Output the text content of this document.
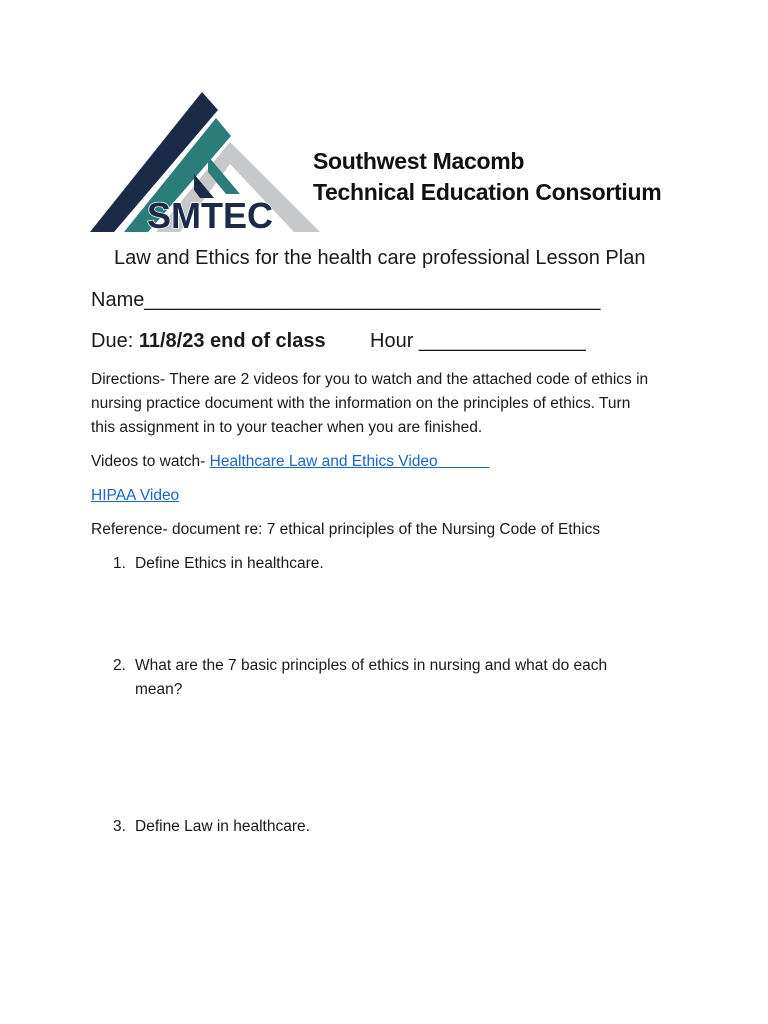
SMTEC
Southwest Macomb
Technical Education Consortium
Law and Ethics for the health care professional Lesson Plan
Name_________________________________________
Due: 11/8/23 end of class Hour _______________
Directions- There are 2 videos for you to watch and the attached code of ethics in
nursing practice document with the information on the principles of ethics. Turn
this assignment in to your teacher when you are finished.
Videos to watch- Healthcare Law and Ethics Video
HIPAA Video
Reference- document re: 7 ethical principles of the Nursing Code of Ethics
1. Define Ethics in healthcare.
2. What are the 7 basic principles of ethics in nursing and what do each
mean?
3. Define Law in healthcare.
